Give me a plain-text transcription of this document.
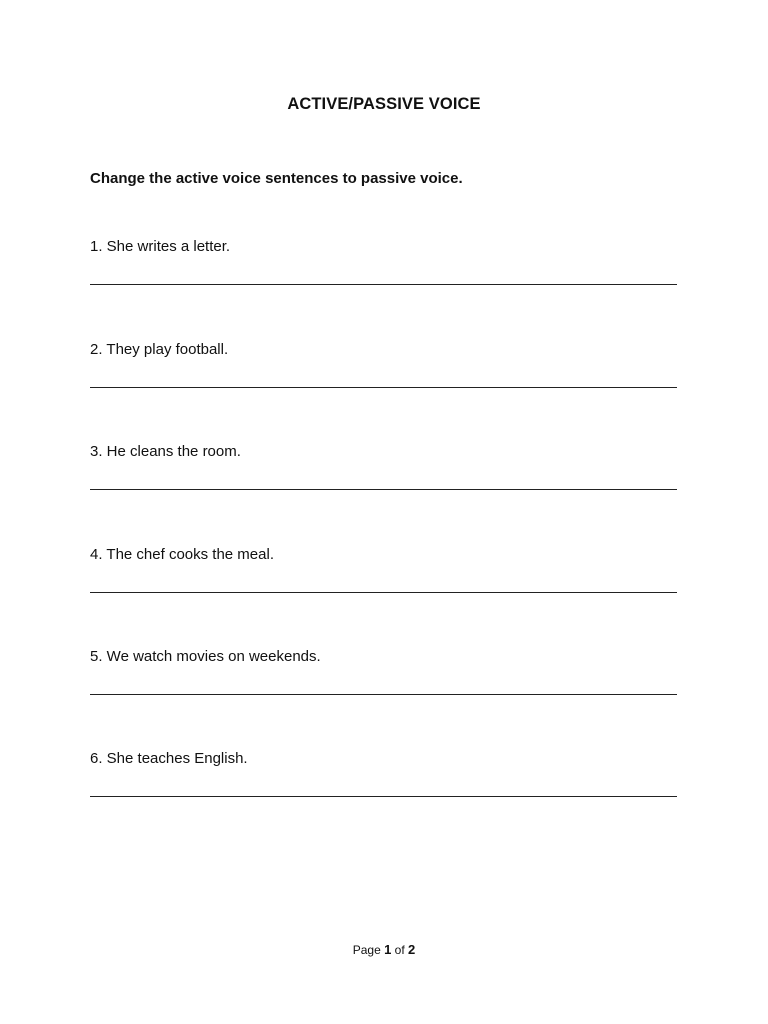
ACTIVE/PASSIVE VOICE
Change the active voice sentences to passive voice.
1. She writes a letter.
2. They play football.
3. He cleans the room.
4. The chef cooks the meal.
5. We watch movies on weekends.
6. She teaches English.
Page 1 of 2
